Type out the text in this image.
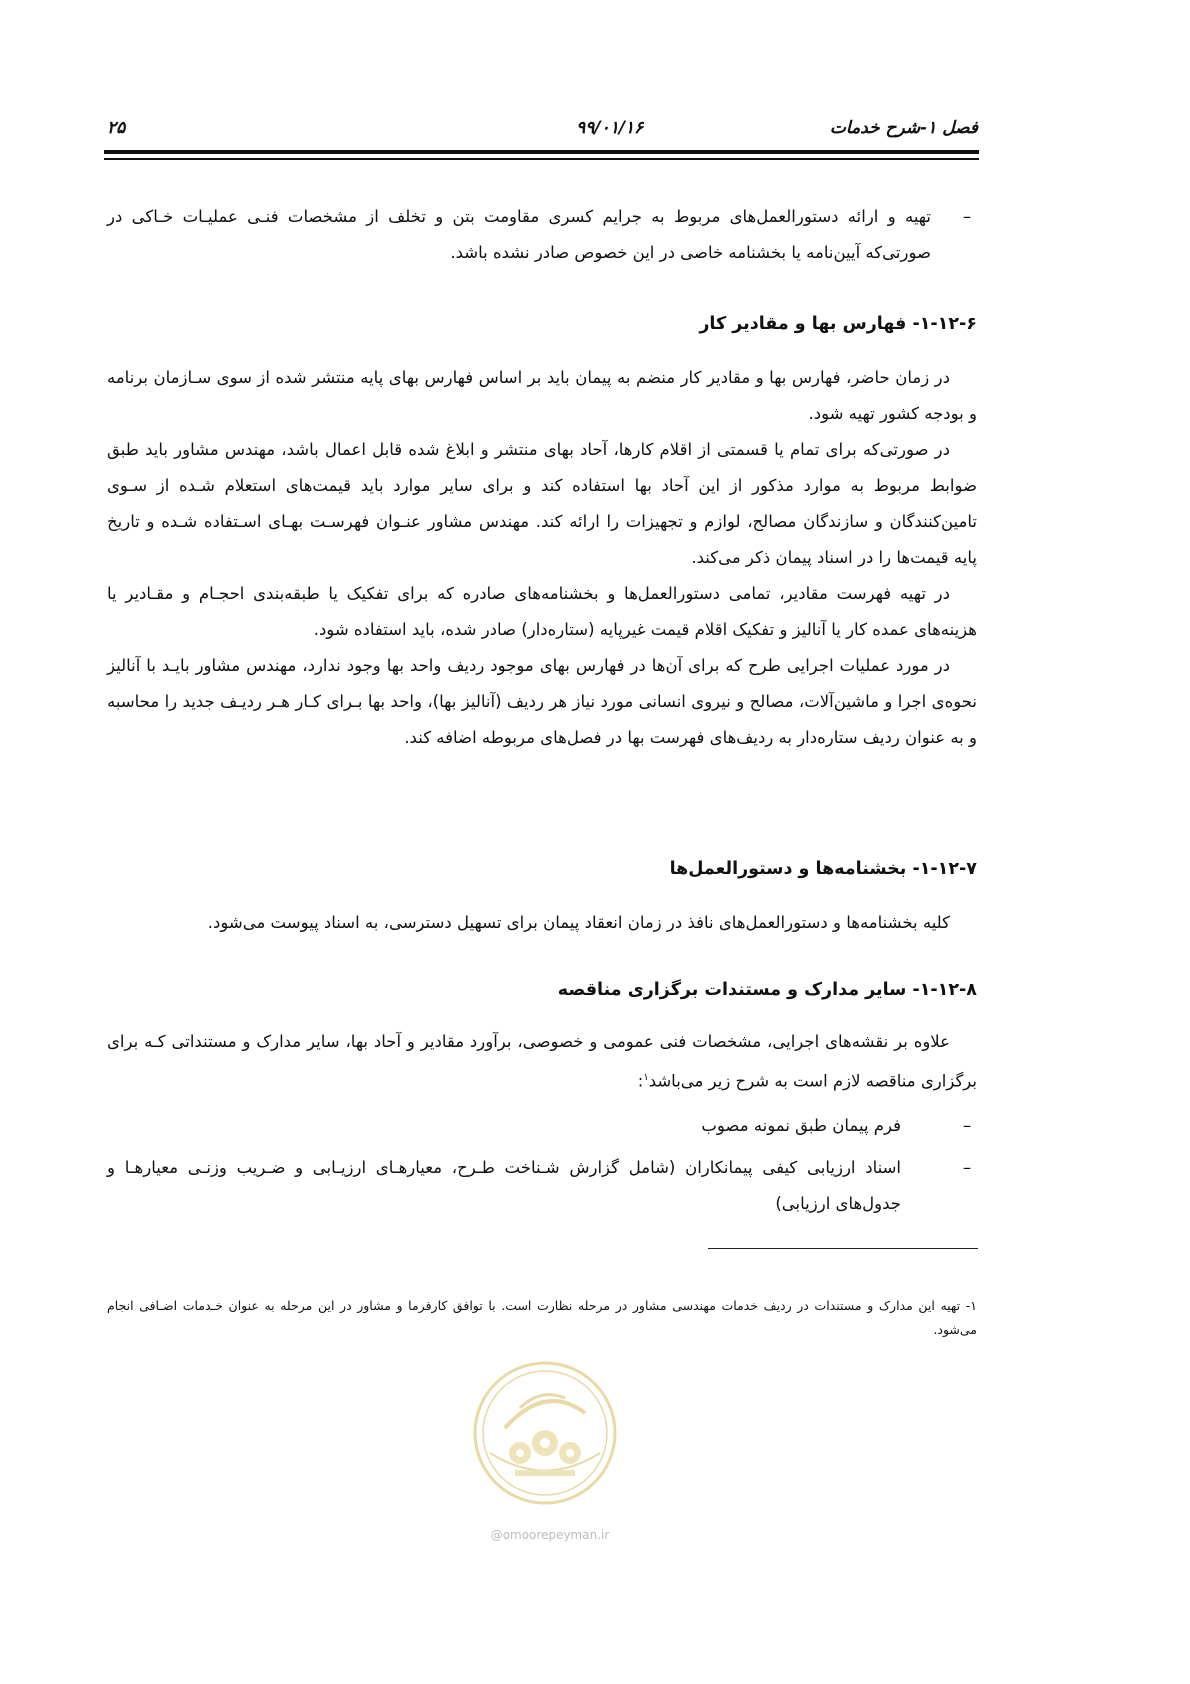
فصل ۱-شرح خدمات
۹۹/۰۱/۱۶
۲۵
–
تهیه و ارائه دستورالعمل‌های مربوط به جرایم کسری مقاومت بتن و تخلف از مشخصات فنـی عملیـات خـاکی در صورتی‌که آیین‌نامه یا بخشنامه خاصی در این خصوص صادر نشده باشد.
۱-۱۲-۶- فهارس بها و مقادیر کار

در زمان حاضر، فهارس بها و مقادیر کار منضم به پیمان باید بر اساس فهارس بهای پایه منتشر شده از سوی سـازمان برنامه و بودجه کشور تهیه شود.

در صورتی‌که برای تمام یا قسمتی از اقلام کارها، آحاد بهای منتشر و ابلاغ شده قابل اعمال باشد، مهندس مشاور باید طبق ضوابط مربوط به موارد مذکور از این آحاد بها استفاده کند و برای سایر موارد باید قیمت‌های استعلام شـده از سـوی تامین‌کنندگان و سازندگان مصالح، لوازم و تجهیزات را ارائه کند. مهندس مشاور عنـوان فهرسـت بهـای اسـتفاده شـده و تاریخ پایه قیمت‌ها را در اسناد پیمان ذکر می‌کند.

در تهیه فهرست مقادیر، تمامی دستورالعمل‌ها و بخشنامه‌های صادره که برای تفکیک یا طبقه‌بندی احجـام و مقـادیر یا هزینه‌های عمده کار یا آنالیز و تفکیک اقلام قیمت غیرپایه (ستاره‌دار) صادر شده، باید استفاده شود.

در مورد عملیات اجرایی طرح که برای آن‌ها در فهارس بهای موجود ردیف واحد بها وجود ندارد، مهندس مشاور بایـد با آنالیز نحوه‌ی اجرا و ماشین‌آلات، مصالح و نیروی انسانی مورد نیاز هر ردیف (آنالیز بها)، واحد بها بـرای کـار هـر ردیـف جدید را محاسبه و به عنوان ردیف ستاره‌دار به ردیف‌های فهرست بها در فصل‌های مربوطه اضافه کند.

۱-۱۲-۷- بخشنامه‌ها و دستورالعمل‌ها

کلیه بخشنامه‌ها و دستورالعمل‌های نافذ در زمان انعقاد پیمان برای تسهیل دسترسی، به اسناد پیوست می‌شود.

۱-۱۲-۸- سایر مدارک و مستندات برگزاری مناقصه

علاوه بر نقشه‌های اجرایی، مشخصات فنی عمومی و خصوصی، برآورد مقادیر و آحاد بها، سایر مدارک و مستنداتی کـه برای برگزاری مناقصه لازم است به شرح زیر می‌باشد$^۱$:

–
فرم پیمان طبق نمونه مصوب
–
اسناد ارزیابی کیفی پیمانکاران (شامل گزارش شـناخت طـرح، معیارهـای ارزیـابی و ضـریب وزنـی معیارهـا و جدول‌های ارزیابی)
۱- تهیه این مدارک و مستندات در ردیف خدمات مهندسی مشاور در مرحله نظارت است. با توافق کارفرما و مشاور در این مرحله به عنوان خـدمات اضـافی انجام می‌شود.
@omoorepeyman.ir
